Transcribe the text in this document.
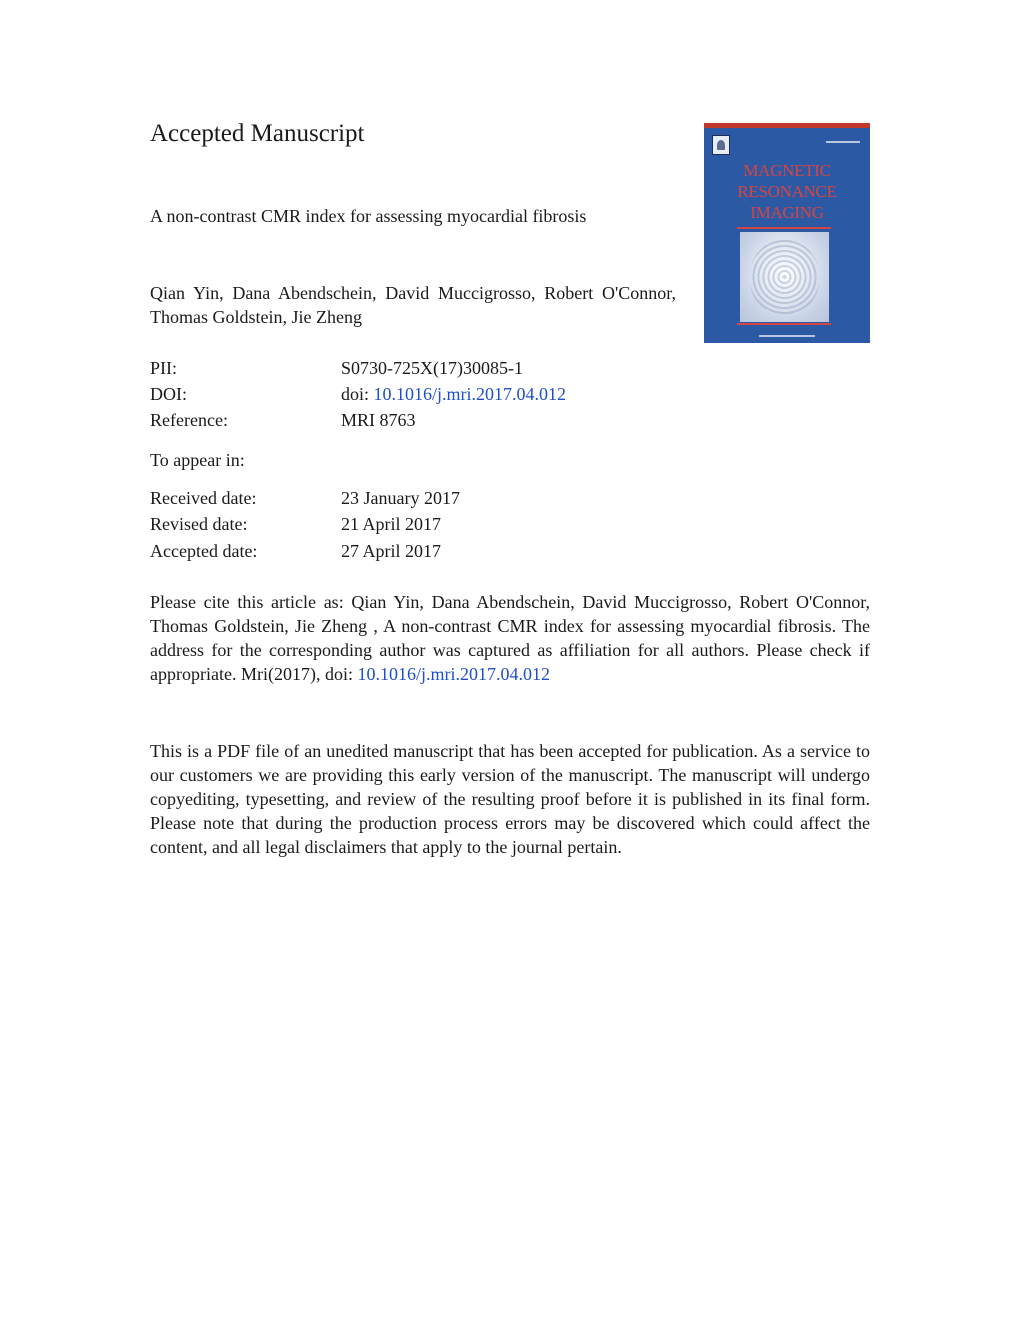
Accepted Manuscript
A non-contrast CMR index for assessing myocardial fibrosis
Qian Yin, Dana Abendschein, David Muccigrosso, Robert O'Connor, Thomas Goldstein, Jie Zheng
MAGNETIC
RESONANCE
IMAGING
PII:	S0730-725X(17)30085-1
DOI:	doi: 10.1016/j.mri.2017.04.012
Reference:	MRI 8763
To appear in:
Received date:	23 January 2017
Revised date:	21 April 2017
Accepted date:	27 April 2017

Please cite this article as: Qian Yin, Dana Abendschein, David Muccigrosso, Robert O'Connor, Thomas Goldstein, Jie Zheng , A non-contrast CMR index for assessing myocardial fibrosis. The address for the corresponding author was captured as affiliation for all authors. Please check if appropriate. Mri(2017), doi: 10.1016/j.mri.2017.04.012

This is a PDF file of an unedited manuscript that has been accepted for publication. As a service to our customers we are providing this early version of the manuscript. The manuscript will undergo copyediting, typesetting, and review of the resulting proof before it is published in its final form. Please note that during the production process errors may be discovered which could affect the content, and all legal disclaimers that apply to the journal pertain.
